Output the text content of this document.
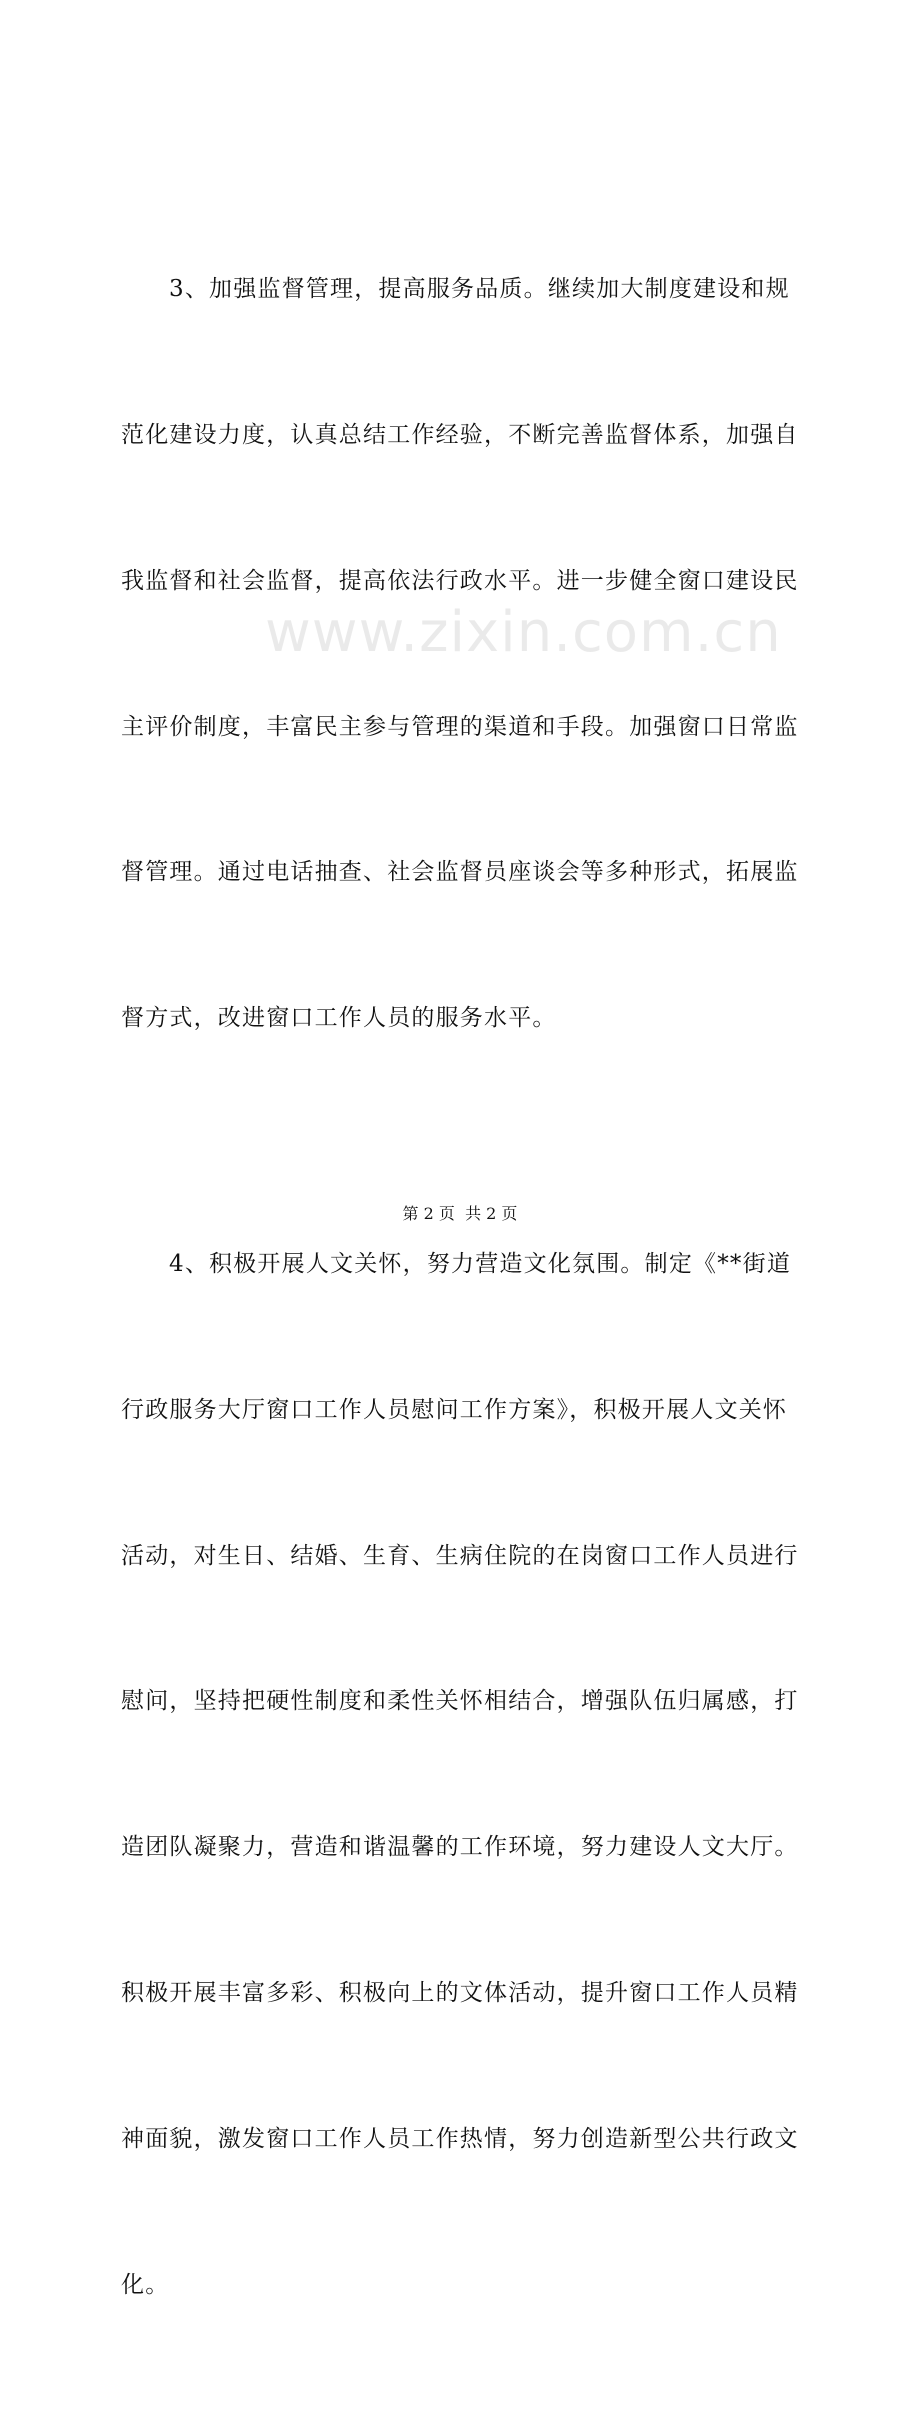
3、加强监督管理，提高服务品质。继续加大制度建设和规

范化建设力度，认真总结工作经验，不断完善监督体系，加强自

我监督和社会监督，提高依法行政水平。进一步健全窗口建设民

主评价制度，丰富民主参与管理的渠道和手段。加强窗口日常监

督管理。通过电话抽查、社会监督员座谈会等多种形式，拓展监

督方式，改进窗口工作人员的服务水平。

4、积极开展人文关怀，努力营造文化氛围。制定《**街道

行政服务大厅窗口工作人员慰问工作方案》，积极开展人文关怀

活动，对生日、结婚、生育、生病住院的在岗窗口工作人员进行

慰问，坚持把硬性制度和柔性关怀相结合，增强队伍归属感，打

造团队凝聚力，营造和谐温馨的工作环境，努力建设人文大厅。

积极开展丰富多彩、积极向上的文体活动，提升窗口工作人员精

神面貌，激发窗口工作人员工作热情，努力创造新型公共行政文

化。

www.zixin.com.cn
第 2 页  共 2 页
